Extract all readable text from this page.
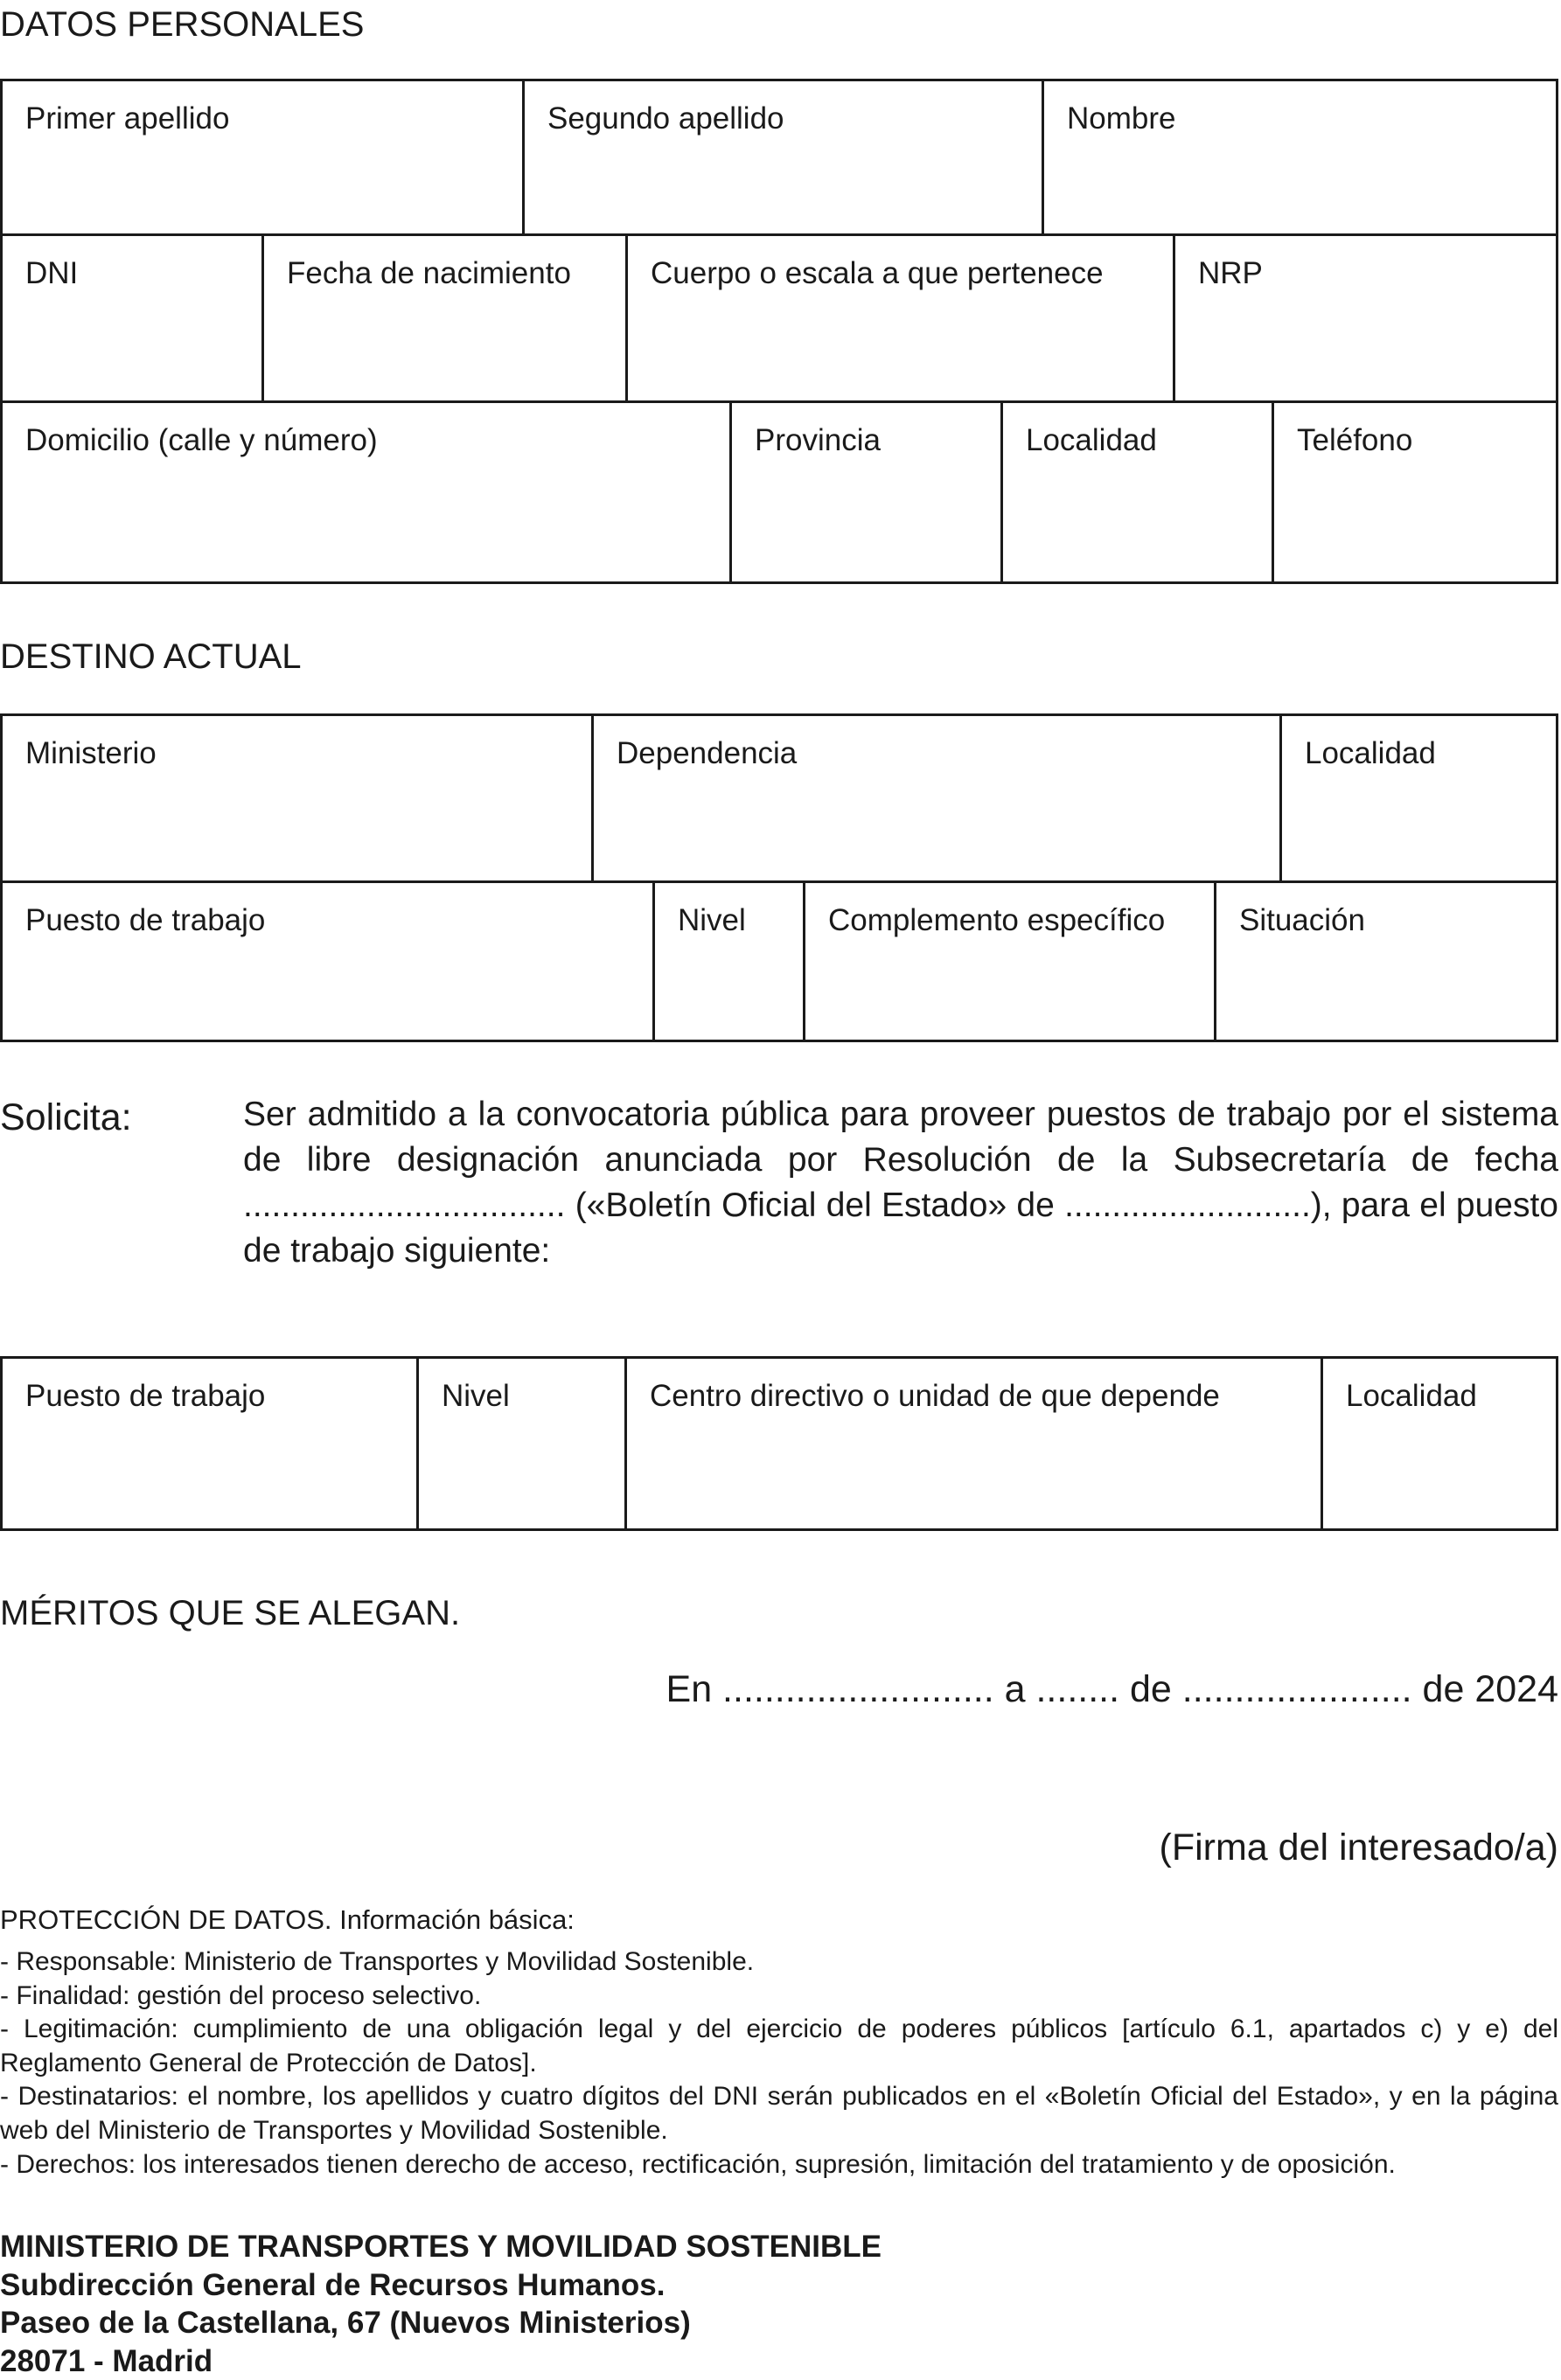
DATOS PERSONALES
Primer apellido	Segundo apellido	Nombre
DNI	Fecha de nacimiento	Cuerpo o escala a que pertenece	NRP
Domicilio (calle y número)	Provincia	Localidad	Teléfono
DESTINO ACTUAL
Ministerio	Dependencia	Localidad
Puesto de trabajo	Nivel	Complemento específico	Situación
Solicita:	Ser admitido a la convocatoria pública para proveer puestos de trabajo por el sistema de libre designación anunciada por Resolución de la Subsecretaría de fecha .................................. («Boletín Oficial del Estado» de ..........................), para el puesto de trabajo siguiente:
Puesto de trabajo	Nivel	Centro directivo o unidad de que depende	Localidad
MÉRITOS QUE SE ALEGAN.
En .......................... a ........ de ...................... de 2024
(Firma del interesado/a)
PROTECCIÓN DE DATOS. Información básica:
- Responsable: Ministerio de Transportes y Movilidad Sostenible.
- Finalidad: gestión del proceso selectivo.
- Legitimación: cumplimiento de una obligación legal y del ejercicio de poderes públicos [artículo 6.1, apartados c) y e) del Reglamento General de Protección de Datos].
- Destinatarios: el nombre, los apellidos y cuatro dígitos del DNI serán publicados en el «Boletín Oficial del Estado», y en la página web del Ministerio de Transportes y Movilidad Sostenible.
- Derechos: los interesados tienen derecho de acceso, rectificación, supresión, limitación del tratamiento y de oposición.
MINISTERIO DE TRANSPORTES Y MOVILIDAD SOSTENIBLE
Subdirección General de Recursos Humanos.
Paseo de la Castellana, 67 (Nuevos Ministerios)
28071 - Madrid
